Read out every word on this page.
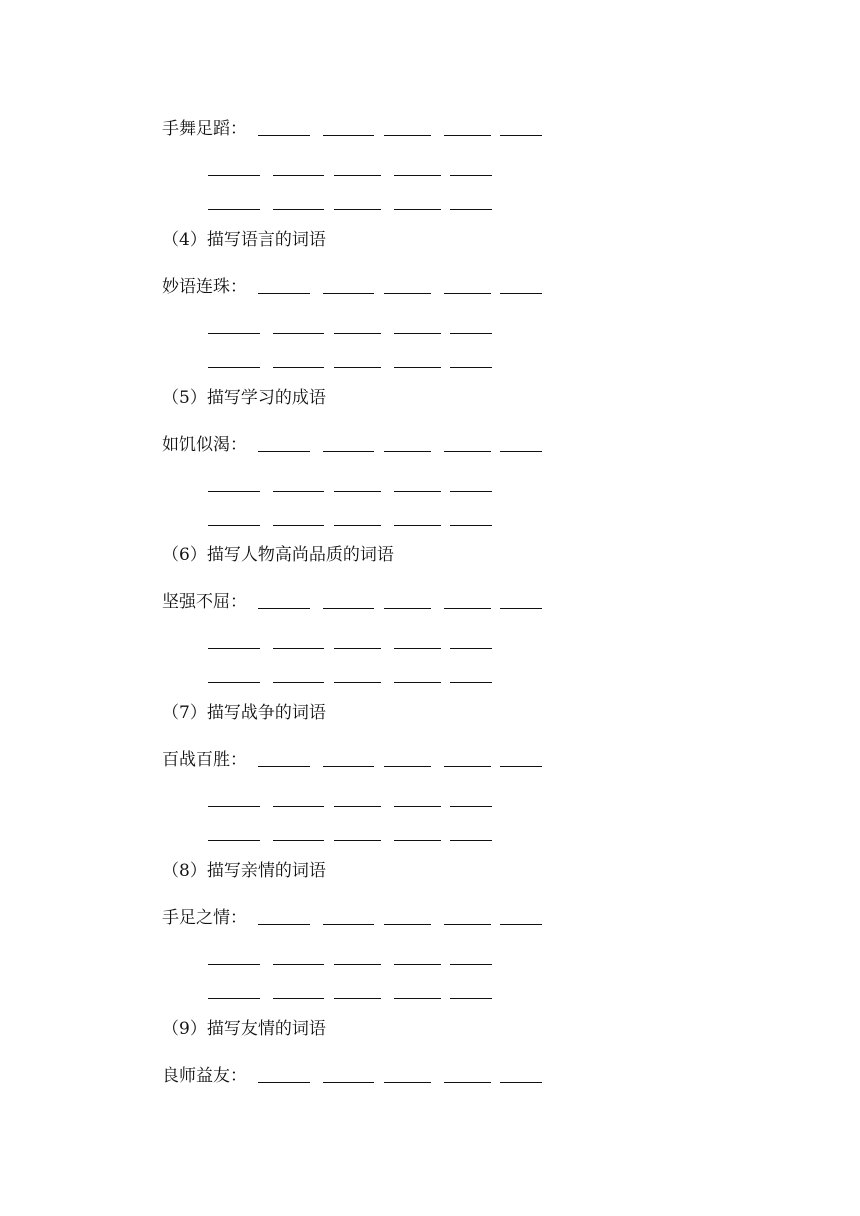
手舞足蹈：
（4）描写语言的词语
妙语连珠：
（5）描写学习的成语
如饥似渴：
（6）描写人物高尚品质的词语
坚强不屈：
（7）描写战争的词语
百战百胜：
（8）描写亲情的词语
手足之情：
（9）描写友情的词语
良师益友：
